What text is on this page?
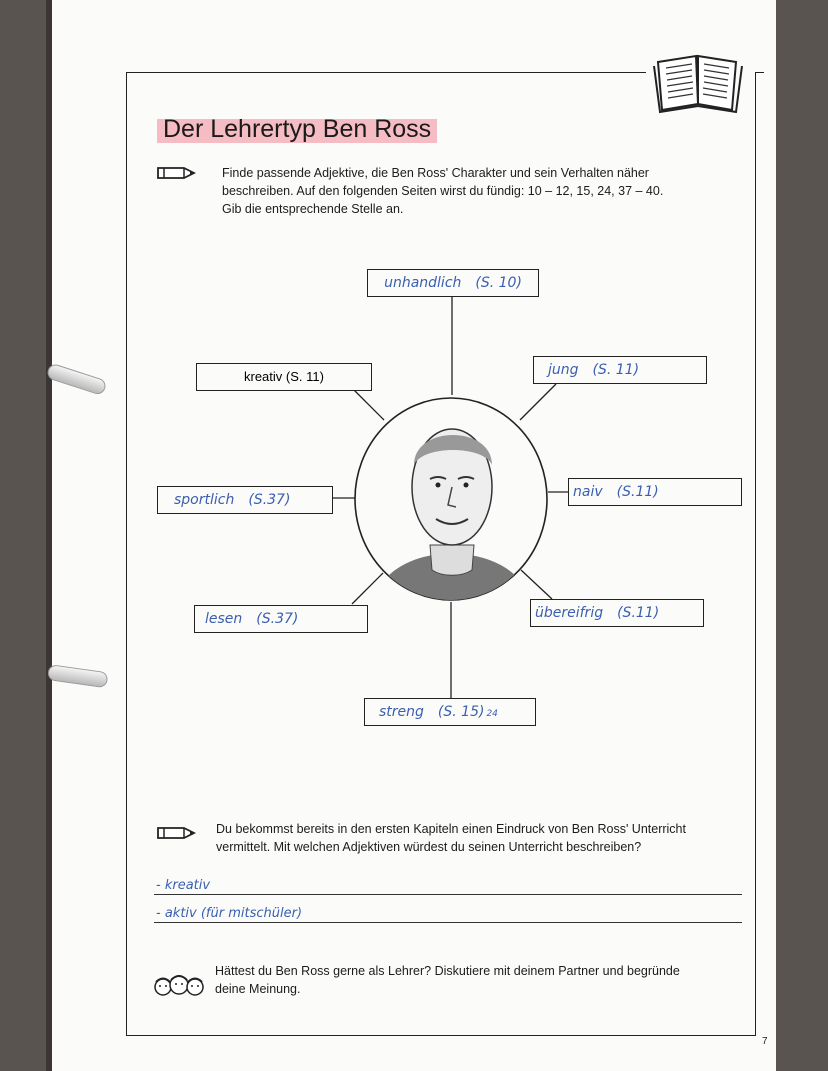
Der Lehrertyp Ben Ross
Finde passende Adjektive, die Ben Ross' Charakter und sein Verhalten näher
beschreiben. Auf den folgenden Seiten wirst du fündig: 10 – 12, 15, 24, 37 – 40.
Gib die entsprechende Stelle an.
unhandlich (S. 10)
kreativ (S. 11)	jung (S. 11)
sportlich (S.37)	naiv (S.11)
lesen (S.37)	übereifrig (S.11)
streng (S. 15) 24
Du bekommst bereits in den ersten Kapiteln einen Eindruck von Ben Ross' Unterricht
vermittelt. Mit welchen Adjektiven würdest du seinen Unterricht beschreiben?
- kreativ
- aktiv (für mitschüler)
Hättest du Ben Ross gerne als Lehrer? Diskutiere mit deinem Partner und begründe
deine Meinung.
7
